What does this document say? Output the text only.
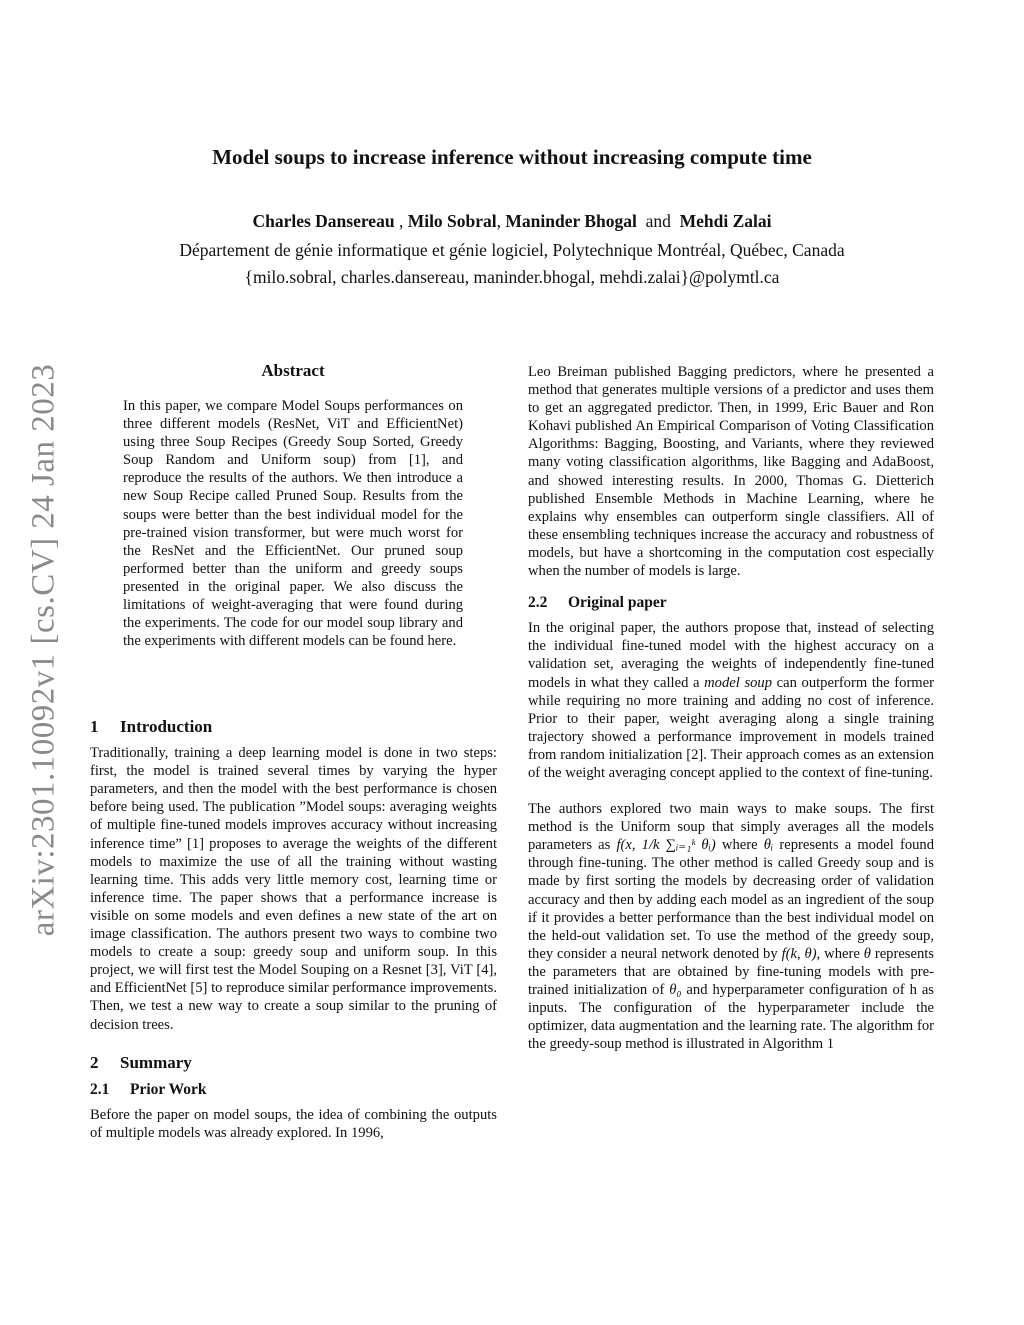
arXiv:2301.10092v1 [cs.CV] 24 Jan 2023
Model soups to increase inference without increasing compute time

Charles Dansereau , Milo Sobral, Maninder Bhogal and Mehdi Zalai

Département de génie informatique et génie logiciel, Polytechnique Montréal, Québec, Canada

{milo.sobral, charles.dansereau, maninder.bhogal, mehdi.zalai}@polymtl.ca

Abstract

In this paper, we compare Model Soups performances on three different models (ResNet, ViT and EfficientNet) using three Soup Recipes (Greedy Soup Sorted, Greedy Soup Random and Uniform soup) from [1], and reproduce the results of the authors. We then introduce a new Soup Recipe called Pruned Soup. Results from the soups were better than the best individual model for the pre-trained vision transformer, but were much worst for the ResNet and the EfficientNet. Our pruned soup performed better than the uniform and greedy soups presented in the original paper. We also discuss the limitations of weight-averaging that were found during the experiments. The code for our model soup library and the experiments with different models can be found here.

1 Introduction

Traditionally, training a deep learning model is done in two steps: first, the model is trained several times by varying the hyper parameters, and then the model with the best performance is chosen before being used. The publication ”Model soups: averaging weights of multiple fine-tuned models improves accuracy without increasing inference time” [1] proposes to average the weights of the different models to maximize the use of all the training without wasting learning time. This adds very little memory cost, learning time or inference time. The paper shows that a performance increase is visible on some models and even defines a new state of the art on image classification. The authors present two ways to combine two models to create a soup: greedy soup and uniform soup. In this project, we will first test the Model Souping on a Resnet [3], ViT [4], and EfficientNet [5] to reproduce similar performance improvements. Then, we test a new way to create a soup similar to the pruning of decision trees.

2 Summary
2.1 Prior Work

Before the paper on model soups, the idea of combining the outputs of multiple models was already explored. In 1996,

Leo Breiman published Bagging predictors, where he presented a method that generates multiple versions of a predictor and uses them to get an aggregated predictor. Then, in 1999, Eric Bauer and Ron Kohavi published An Empirical Comparison of Voting Classification Algorithms: Bagging, Boosting, and Variants, where they reviewed many voting classification algorithms, like Bagging and AdaBoost, and showed interesting results. In 2000, Thomas G. Dietterich published Ensemble Methods in Machine Learning, where he explains why ensembles can outperform single classifiers. All of these ensembling techniques increase the accuracy and robustness of models, but have a shortcoming in the computation cost especially when the number of models is large.

2.2 Original paper

In the original paper, the authors propose that, instead of selecting the individual fine-tuned model with the highest accuracy on a validation set, averaging the weights of independently fine-tuned models in what they called a model soup can outperform the former while requiring no more training and adding no cost of inference. Prior to their paper, weight averaging along a single training trajectory showed a performance improvement in models trained from random initialization [2]. Their approach comes as an extension of the weight averaging concept applied to the context of fine-tuning.

The authors explored two main ways to make soups. The first method is the Uniform soup that simply averages all the models parameters as f(x, 1/k ∑ᵢ₌₁ᵏ θᵢ) where θᵢ represents a model found through fine-tuning. The other method is called Greedy soup and is made by first sorting the models by decreasing order of validation accuracy and then by adding each model as an ingredient of the soup if it provides a better performance than the best individual model on the held-out validation set. To use the method of the greedy soup, they consider a neural network denoted by f(k, θ), where θ represents the parameters that are obtained by fine-tuning models with pre-trained initialization of θ₀ and hyperparameter configuration of h as inputs. The configuration of the hyperparameter include the optimizer, data augmentation and the learning rate. The algorithm for the greedy-soup method is illustrated in Algorithm 1
